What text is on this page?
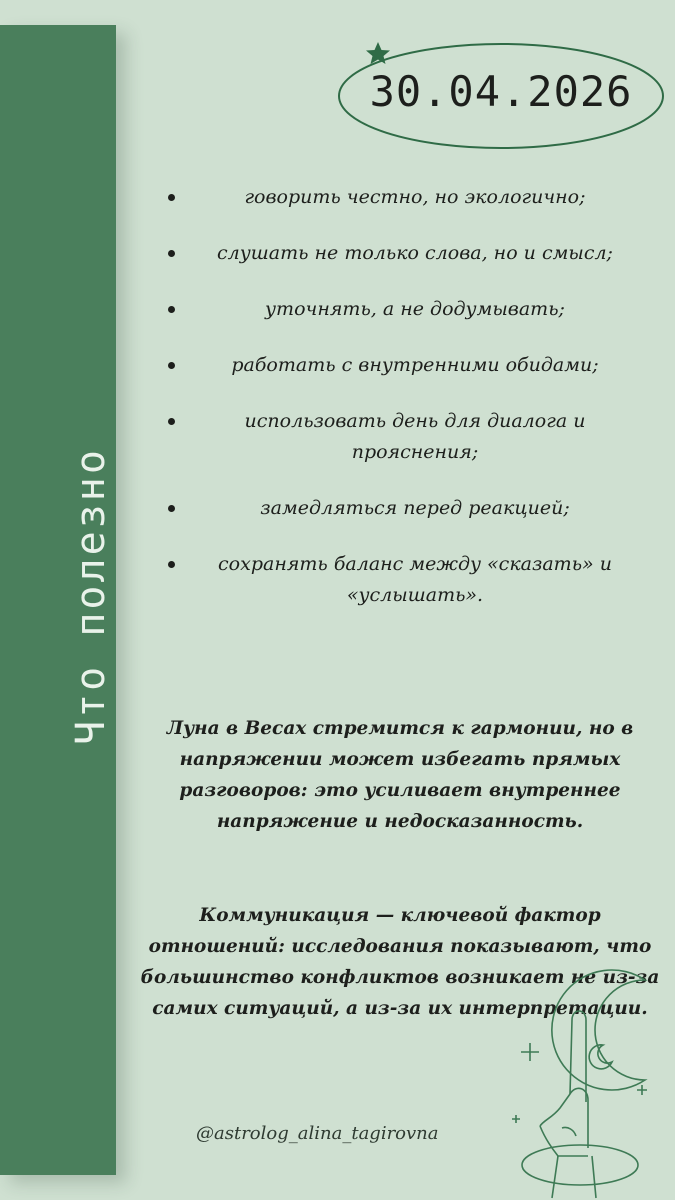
Что полезно
30.04.2026
говорить честно, но экологично;
слушать не только слова, но и смысл;
уточнять, а не додумывать;
работать с внутренними обидами;
использовать день для диалога и прояснения;
замедляться перед реакцией;
сохранять баланс между «сказать» и «услышать».
Луна в Весах стремится к гармонии, но в напряжении может избегать прямых разговоров: это усиливает внутреннее напряжение и недосказанность.
Коммуникация — ключевой фактор отношений: исследования показывают, что большинство конфликтов возникает не из-за самих ситуаций, а из-за их интерпретации.
@astrolog_alina_tagirovna
